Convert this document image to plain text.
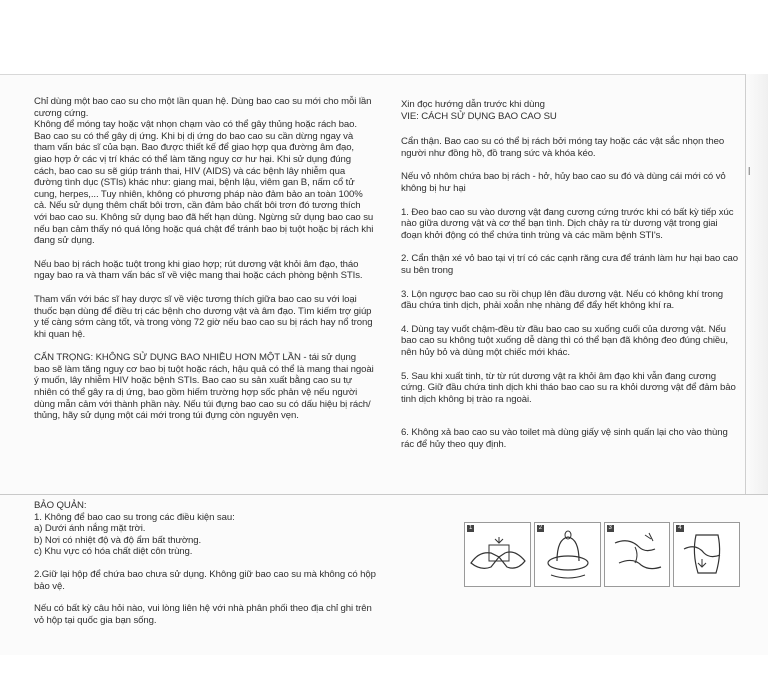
l

Chỉ dùng một bao cao su cho một lần quan hệ. Dùng bao cao su mới cho mỗi lần cương cứng.

Không để móng tay hoặc vật nhọn chạm vào có thể gây thủng hoặc rách bao. Bao cao su có thể gây dị ứng. Khi bị dị ứng do bao cao su cần dừng ngay và tham vấn bác sĩ của bạn. Bao được thiết kế để giao hợp qua đường âm đạo, giao hợp ở các vị trí khác có thể làm tăng nguy cơ hư hại. Khi sử dụng đúng cách, bao cao su sẽ giúp tránh thai, HIV (AIDS) và các bệnh lây nhiễm qua đường tình dục (STIs) khác như: giang mai, bệnh lậu, viêm gan B, nấm cổ tử cung, herpes,... Tuy nhiên, không có phương pháp nào đảm bảo an toàn 100% cả. Nếu sử dụng thêm chất bôi trơn, cần đảm bảo chất bôi trơn đó tương thích với bao cao su. Không sử dụng bao đã hết hạn dùng. Ngừng sử dụng bao cao su nếu bạn cảm thấy nó quá lỏng hoặc quá chật để tránh bao bị tuột hoặc bị rách khi đang sử dụng.

Nếu bao bị rách hoặc tuột trong khi giao hợp; rút dương vật khỏi âm đạo, tháo ngay bao ra và tham vấn bác sĩ về việc mang thai hoặc cách phòng bệnh STIs.

Tham vấn với bác sĩ hay dược sĩ về việc tương thích giữa bao cao su với loại thuốc bạn dùng để điều trị các bệnh cho dương vật và âm đạo. Tìm kiếm trợ giúp y tế càng sớm càng tốt, và trong vòng 72 giờ nếu bao cao su bị rách hay nổ trong khi quan hệ.

CẨN TRỌNG: KHÔNG SỬ DỤNG BAO NHIỀU HƠN MỘT LẦN - tái sử dụng bao sẽ làm tăng nguy cơ bao bị tuột hoặc rách, hậu quả có thể là mang thai ngoài ý muốn, lây nhiễm HIV hoặc bệnh STIs. Bao cao su sản xuất bằng cao su tự nhiên có thể gây ra dị ứng, bao gồm hiếm trường hợp sốc phản vệ nếu người dùng mẫn cảm với thành phần này. Nếu túi đựng bao cao su có dấu hiệu bị rách/ thủng, hãy sử dụng một cái mới trong túi đựng còn nguyên vẹn.

Xin đọc hướng dẫn trước khi dùng

VIE: CÁCH SỬ DỤNG BAO CAO SU

Cẩn thận. Bao cao su có thể bị rách bởi móng tay hoặc các vật sắc nhọn theo người như đồng hồ, đồ trang sức và khóa kéo.

Nếu vỏ nhôm chứa bao bị rách - hở, hủy bao cao su đó và dùng cái mới có vỏ không bị hư hại

1. Đeo bao cao su vào dương vật đang cương cứng trước khi có bất kỳ tiếp xúc nào giữa dương vật và cơ thể bạn tình. Dịch chảy ra từ dương vật trong giai đoạn khởi động có thể chứa tinh trùng và các mầm bệnh STI's.

2. Cẩn thận xé vỏ bao tại vị trí có các cạnh răng cưa để tránh làm hư hại bao cao su bên trong

3. Lộn ngược bao cao su rồi chụp lên đầu dương vật. Nếu có không khí trong đầu chứa tinh dịch, phải xoắn nhẹ nhàng để đẩy hết không khí ra.

4. Dùng tay vuốt chậm-đều từ đầu bao cao su xuống cuối của dương vật. Nếu bao cao su không tuột xuống dễ dàng thì có thể bạn đã không đeo đúng chiều, nên hủy bỏ và dùng một chiếc mới khác.

5. Sau khi xuất tinh, từ từ rút dương vật ra khỏi âm đạo khi vẫn đang cương cứng. Giữ đầu chứa tinh dịch khi tháo bao cao su ra khỏi dương vật để đảm bảo tinh dịch không bị trào ra ngoài.

6. Không xả bao cao su vào toilet mà dùng giấy vệ sinh quấn lại cho vào thùng rác để hủy theo quy định.

BẢO QUẢN:
1. Không để bao cao su trong các điều kiện sau:
a) Dưới ánh nắng mặt trời.
b) Nơi có nhiệt độ và độ ẩm bất thường.
c) Khu vực có hóa chất diệt côn trùng.
2.Giữ lại hộp để chứa bao chưa sử dụng. Không giữ bao cao su mà không có hộp bảo vệ.
Nếu có bất kỳ câu hỏi nào, vui lòng liên hệ với nhà phân phối theo địa chỉ ghi trên vỏ hộp tại quốc gia bạn sống.
1	2	3	4
